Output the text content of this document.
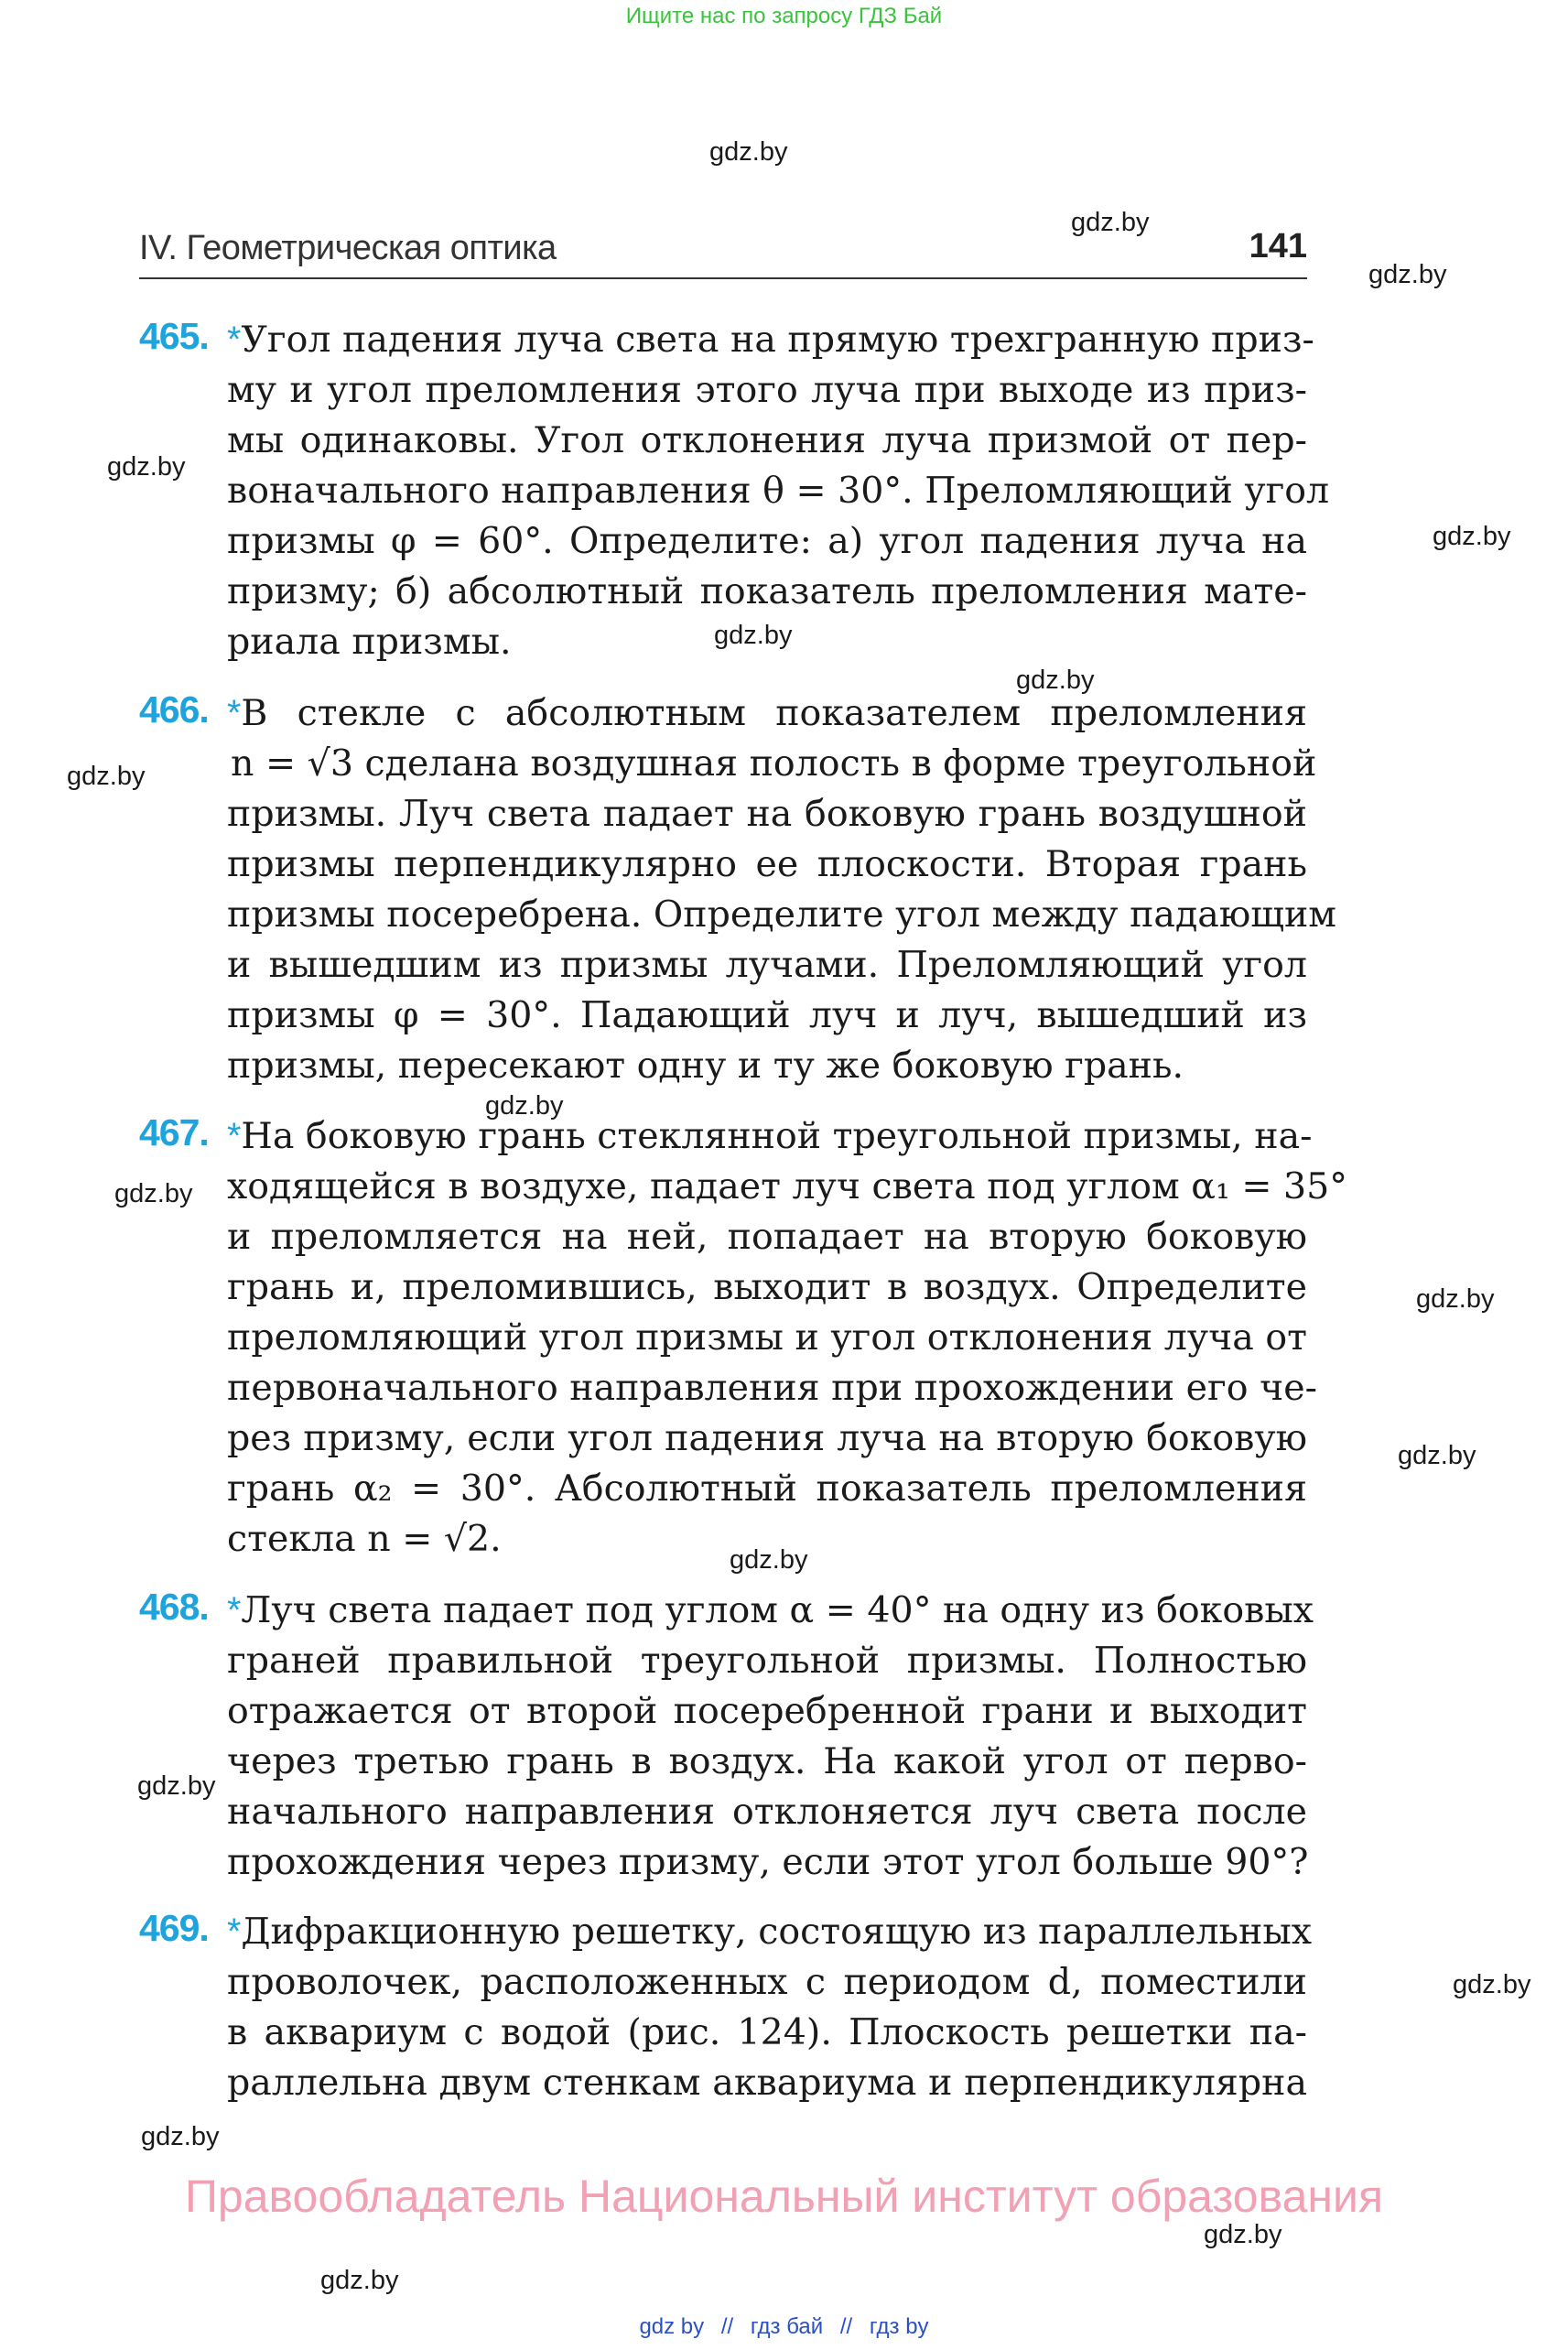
Ищите нас по запросу ГДЗ Бай
gdz.by
gdz.by
gdz.by
IV. Геометрическая оптика	141
gdz.by
gdz.by
gdz.by
gdz.by
gdz.by
gdz.by
gdz.by
gdz.by
gdz.by
gdz.by
gdz.by
gdz.by
gdz.by
gdz.by
gdz.by
465. *Угол падения луча света на прямую трехгранную приз-
му и угол преломления этого луча при выходе из приз-
мы одинаковы. Угол отклонения луча призмой от пер-
воначального направления θ = 30°. Преломляющий угол
призмы φ = 60°. Определите: а) угол падения луча на
призму; б) абсолютный показатель преломления мате-
риала призмы.
466. *В стекле с абсолютным показателем преломления
n = √3 сделана воздушная полость в форме треугольной
призмы. Луч света падает на боковую грань воздушной
призмы перпендикулярно ее плоскости. Вторая грань
призмы посеребрена. Определите угол между падающим
и вышедшим из призмы лучами. Преломляющий угол
призмы φ = 30°. Падающий луч и луч, вышедший из
призмы, пересекают одну и ту же боковую грань.
467. *На боковую грань стеклянной треугольной призмы, на-
ходящейся в воздухе, падает луч света под углом α₁ = 35°
и преломляется на ней, попадает на вторую боковую
грань и, преломившись, выходит в воздух. Определите
преломляющий угол призмы и угол отклонения луча от
первоначального направления при прохождении его че-
рез призму, если угол падения луча на вторую боковую
грань α₂ = 30°. Абсолютный показатель преломления
стекла n = √2.
468. *Луч света падает под углом α = 40° на одну из боковых
граней правильной треугольной призмы. Полностью
отражается от второй посеребренной грани и выходит
через третью грань в воздух. На какой угол от перво-
начального направления отклоняется луч света после
прохождения через призму, если этот угол больше 90°?
469. *Дифракционную решетку, состоящую из параллельных
проволочек, расположенных с периодом d, поместили
в аквариум с водой (рис. 124). Плоскость решетки па-
раллельна двум стенкам аквариума и перпендикулярна
Правообладатель Национальный институт образования
gdz by // гдз бай // гдз by
